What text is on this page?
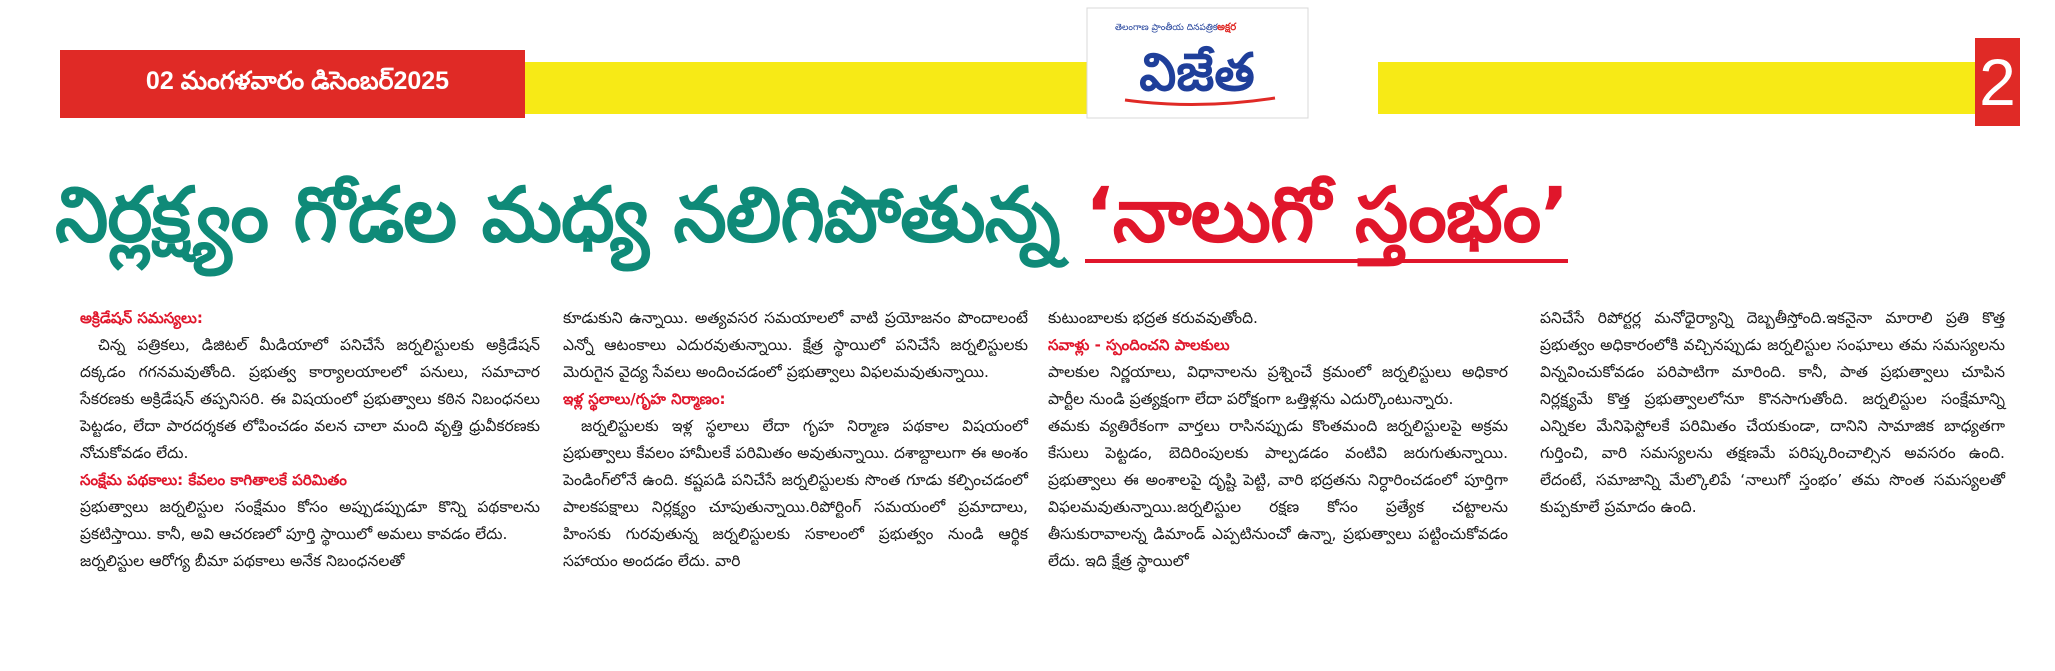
02 మంగళవారం డిసెంబర్2025
తెలంగాణ ప్రాంతీయ దినపత్రిక అక్షర
విజేత	2
నిర్లక్ష్యం గోడల మధ్య నలిగిపోతున్న ‘నాలుగో స్తంభం’

అక్రిడేషన్ సమస్యలు:

చిన్న పత్రికలు, డిజిటల్ మీడియాలో పనిచేసే జర్నలిస్టులకు అక్రిడేషన్ దక్కడం గగనమవుతోంది. ప్రభుత్వ కార్యాలయాలలో పనులు, సమాచార సేకరణకు అక్రిడేషన్ తప్పనిసరి. ఈ విషయంలో ప్రభుత్వాలు కఠిన నిబంధనలు పెట్టడం, లేదా పారదర్శకత లోపించడం వలన చాలా మంది వృత్తి ధ్రువీకరణకు నోచుకోవడం లేదు.

సంక్షేమ పథకాలు: కేవలం కాగితాలకే పరిమితం

ప్రభుత్వాలు జర్నలిస్టుల సంక్షేమం కోసం అప్పుడప్పుడూ కొన్ని పథకాలను ప్రకటిస్తాయి. కానీ, అవి ఆచరణలో పూర్తి స్థాయిలో అమలు కావడం లేదు.

జర్నలిస్టుల ఆరోగ్య బీమా పథకాలు అనేక నిబంధనలతో

కూడుకుని ఉన్నాయి. అత్యవసర సమయాలలో వాటి ప్రయోజనం పొందాలంటే ఎన్నో ఆటంకాలు ఎదురవుతున్నాయి. క్షేత్ర స్థాయిలో పనిచేసే జర్నలిస్టులకు మెరుగైన వైద్య సేవలు అందించడంలో ప్రభుత్వాలు విఫలమవుతున్నాయి.

ఇళ్ల స్థలాలు/గృహ నిర్మాణం:

జర్నలిస్టులకు ఇళ్ల స్థలాలు లేదా గృహ నిర్మాణ పథకాల విషయంలో ప్రభుత్వాలు కేవలం హామీలకే పరిమితం అవుతున్నాయి. దశాబ్దాలుగా ఈ అంశం పెండింగ్‌లోనే ఉంది. కష్టపడి పనిచేసే జర్నలిస్టులకు సొంత గూడు కల్పించడంలో పాలకపక్షాలు నిర్లక్ష్యం చూపుతున్నాయి.రిపోర్టింగ్ సమయంలో ప్రమాదాలు, హింసకు గురవుతున్న జర్నలిస్టులకు సకాలంలో ప్రభుత్వం నుండి ఆర్థిక సహాయం అందడం లేదు. వారి

కుటుంబాలకు భద్రత కరువవుతోంది.

సవాళ్లు - స్పందించని పాలకులు

పాలకుల నిర్ణయాలు, విధానాలను ప్రశ్నించే క్రమంలో జర్నలిస్టులు అధికార పార్టీల నుండి ప్రత్యక్షంగా లేదా పరోక్షంగా ఒత్తిళ్లను ఎదుర్కొంటున్నారు.

తమకు వ్యతిరేకంగా వార్తలు రాసినప్పుడు కొంతమంది జర్నలిస్టులపై అక్రమ కేసులు పెట్టడం, బెదిరింపులకు పాల్పడడం వంటివి జరుగుతున్నాయి. ప్రభుత్వాలు ఈ అంశాలపై దృష్టి పెట్టి, వారి భద్రతను నిర్ధారించడంలో పూర్తిగా విఫలమవుతున్నాయి.జర్నలిస్టుల రక్షణ కోసం ప్రత్యేక చట్టాలను తీసుకురావాలన్న డిమాండ్ ఎప్పటినుంచో ఉన్నా, ప్రభుత్వాలు పట్టించుకోవడం లేదు. ఇది క్షేత్ర స్థాయిలో

పనిచేసే రిపోర్టర్ల మనోధైర్యాన్ని దెబ్బతీస్తోంది.ఇకనైనా మారాలి ప్రతి కొత్త ప్రభుత్వం అధికారంలోకి వచ్చినప్పుడు జర్నలిస్టుల సంఘాలు తమ సమస్యలను విన్నవించుకోవడం పరిపాటిగా మారింది. కానీ, పాత ప్రభుత్వాలు చూపిన నిర్లక్ష్యమే కొత్త ప్రభుత్వాలలోనూ కొనసాగుతోంది. జర్నలిస్టుల సంక్షేమాన్ని ఎన్నికల మేనిఫెస్టోలకే పరిమితం చేయకుండా, దానిని సామాజిక బాధ్యతగా గుర్తించి, వారి సమస్యలను తక్షణమే పరిష్కరించాల్సిన అవసరం ఉంది. లేదంటే, సమాజాన్ని మేల్కొలిపే ‘నాలుగో స్తంభం’ తమ సొంత సమస్యలతో కుప్పకూలే ప్రమాదం ఉంది.
